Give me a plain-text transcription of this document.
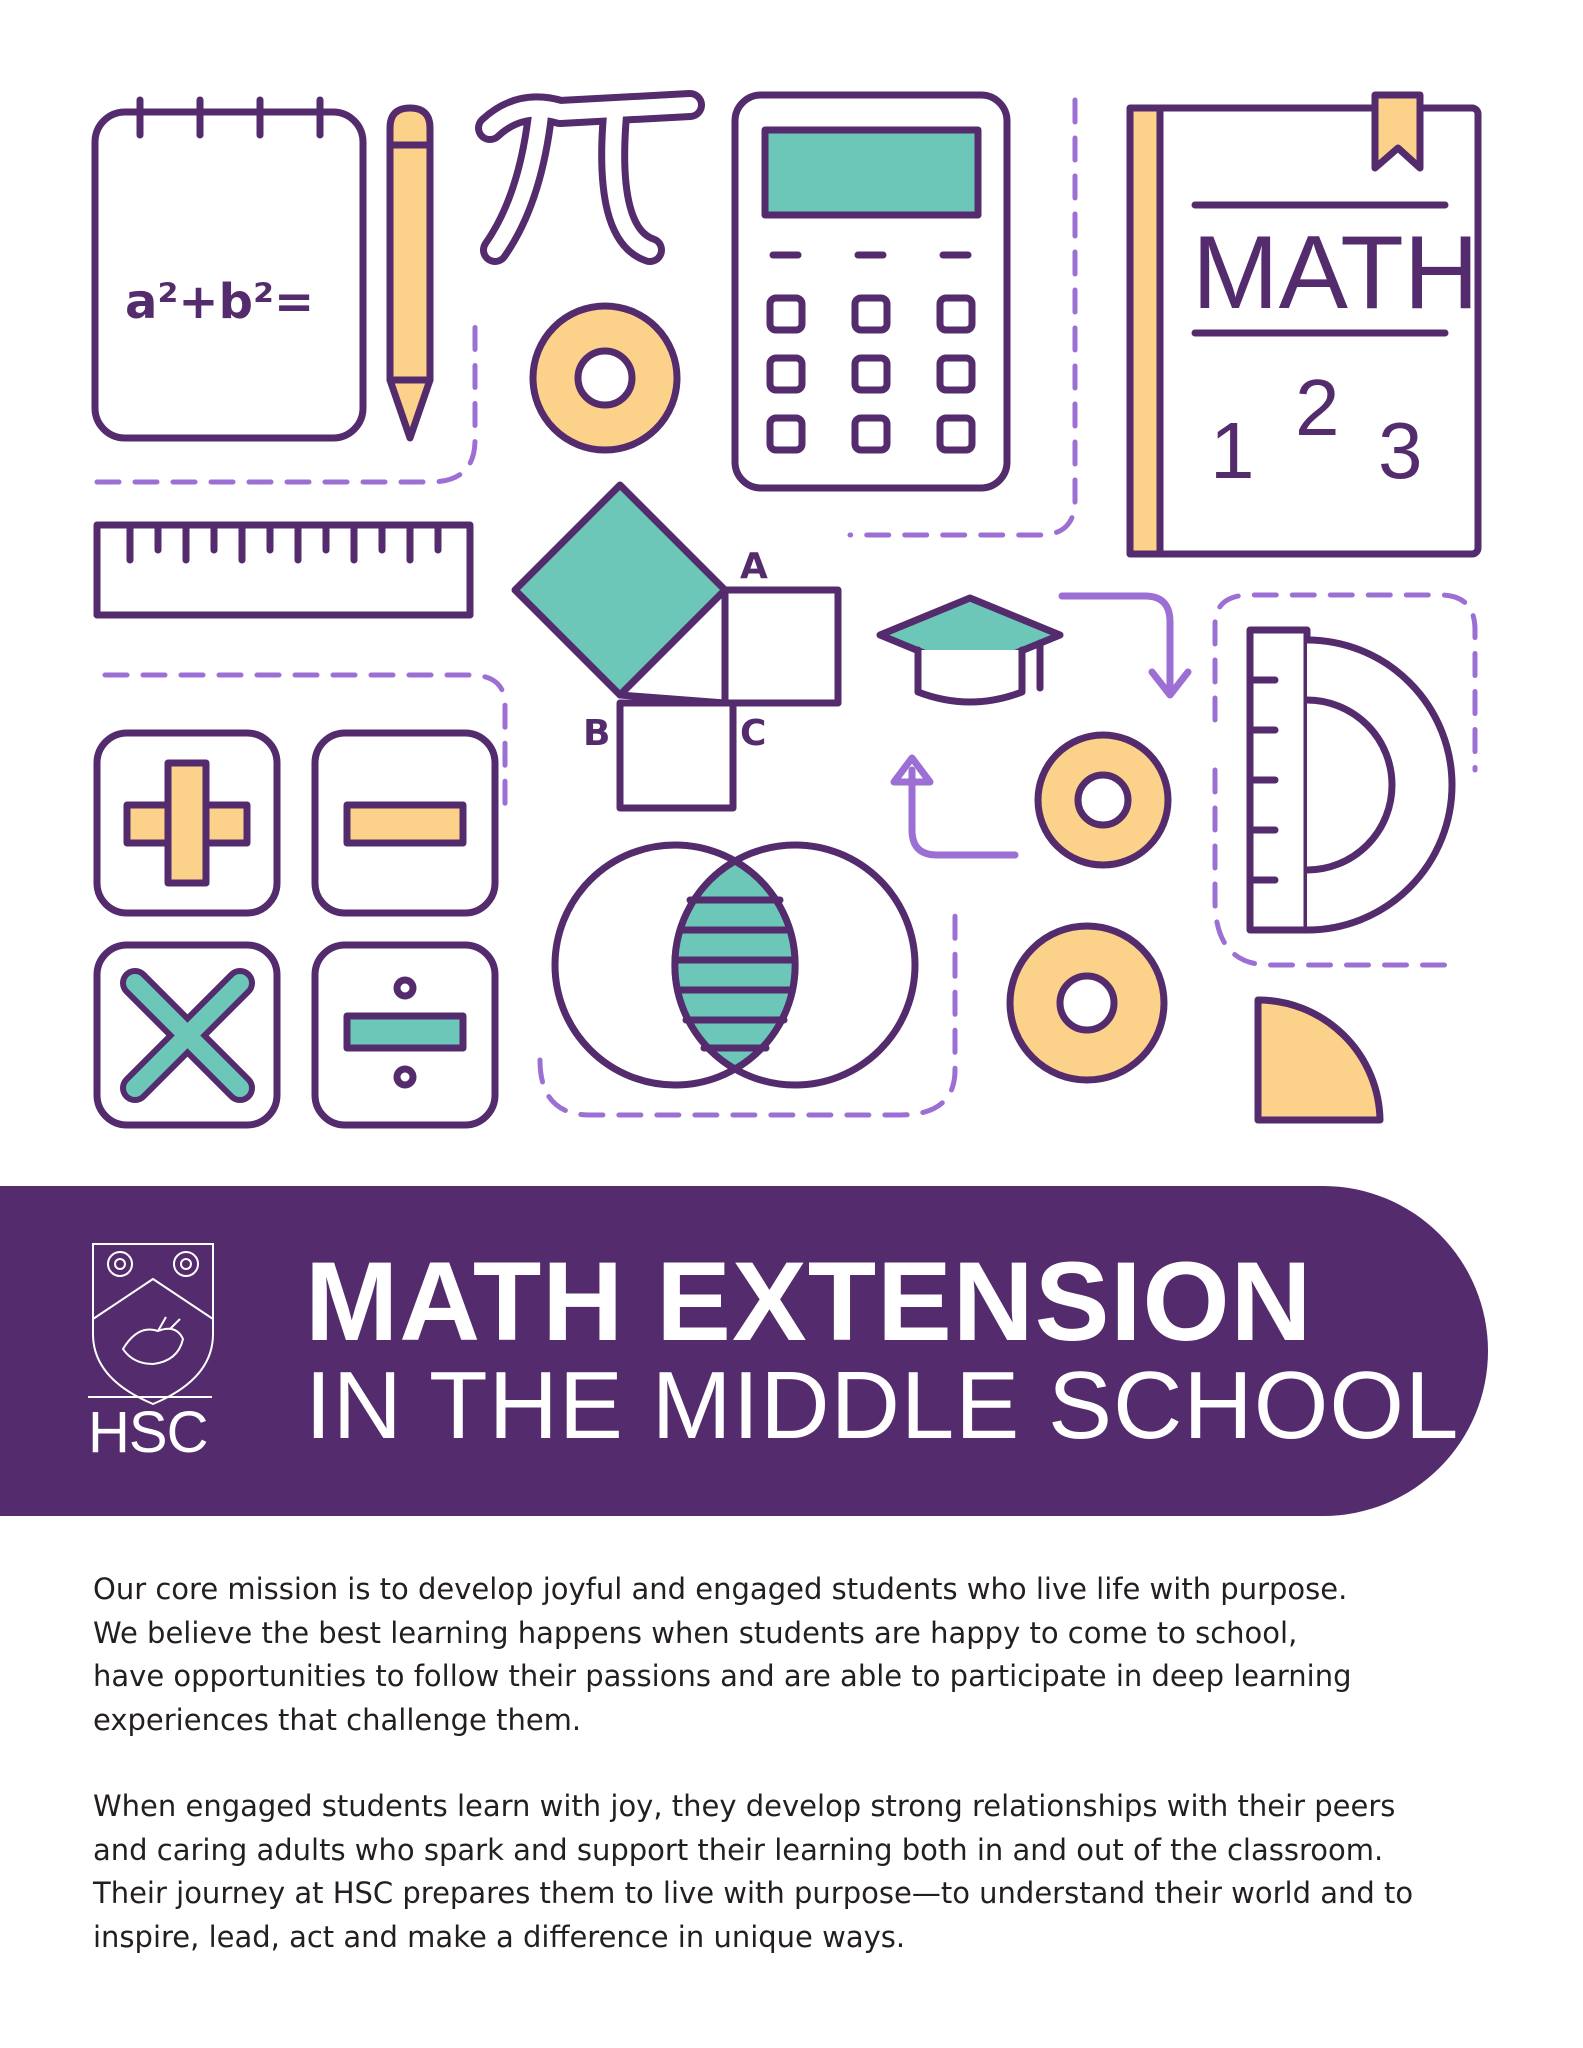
a²+b²=	MATH
1 2 3
A
B	C
HSC
MATH EXTENSION
IN THE MIDDLE SCHOOL

Our core mission is to develop joyful and engaged students who live life with purpose.
We believe the best learning happens when students are happy to come to school,
have opportunities to follow their passions and are able to participate in deep learning
experiences that challenge them.

When engaged students learn with joy, they develop strong relationships with their peers
and caring adults who spark and support their learning both in and out of the classroom.
Their journey at HSC prepares them to live with purpose—to understand their world and to
inspire, lead, act and make a difference in unique ways.
